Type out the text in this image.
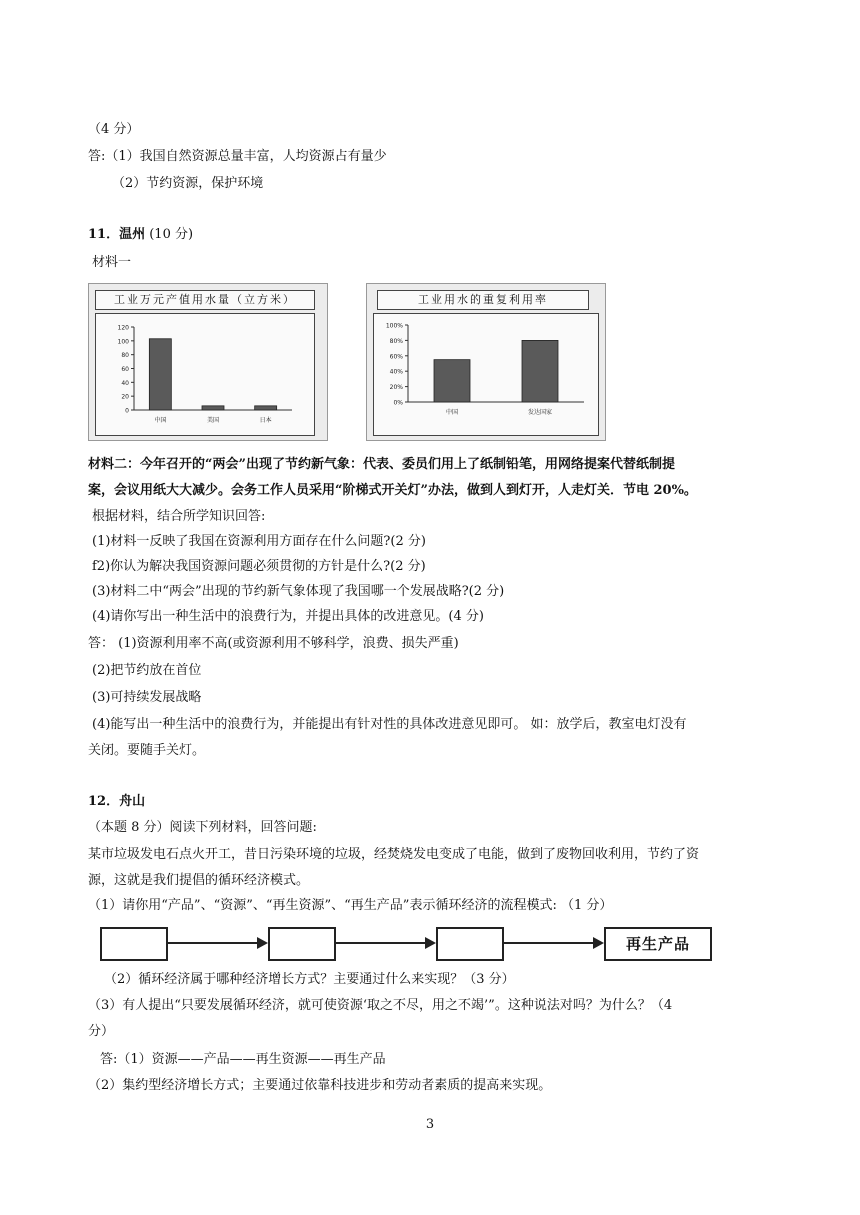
（4 分）
答:（1）我国自然资源总量丰富，人均资源占有量少
（2）节约资源，保护环境
11．温州 (10 分)
材料一
工业万元产值用水量（立方米）
0
20
40
60
80
100
120
中国	美国	日本
工业用水的重复利用率
0%
20%
40%
60%
80%
100%
中国	发达国家
材料二：今年召开的“两会”出现了节约新气象：代表、委员们用上了纸制铅笔，用网络提案代替纸制提
案，会议用纸大大减少。会务工作人员采用“阶梯式开关灯”办法，做到人到灯开，人走灯关．节电 20%。
根据材料，结合所学知识回答:
(1)材料一反映了我国在资源利用方面存在什么问题?(2 分)
f2)你认为解决我国资源问题必须贯彻的方针是什么?(2 分)
(3)材料二中“两会”出现的节约新气象体现了我国哪一个发展战略?(2 分)
(4)请你写出一种生活中的浪费行为，并提出具体的改进意见。(4 分)
答： (1)资源利用率不高(或资源利用不够科学，浪费、损失严重)
(2)把节约放在首位
(3)可持续发展战略
(4)能写出一种生活中的浪费行为，并能提出有针对性的具体改进意见即可。 如：放学后，教室电灯没有
关闭。要随手关灯。
12．舟山
（本题 8 分）阅读下列材料，回答问题:
某市垃圾发电石点火开工，昔日污染环境的垃圾，经焚烧发电变成了电能，做到了废物回收利用，节约了资
源，这就是我们提倡的循环经济模式。
（1）请你用“产品”、“资源”、“再生资源”、“再生产品”表示循环经济的流程模式: （1 分）
再生产品
（2）循环经济属于哪种经济增长方式？主要通过什么来实现？（3 分）
（3）有人提出“只要发展循环经济，就可使资源‘取之不尽，用之不竭’”。这种说法对吗？为什么？（4
分）
答:（1）资源——产品——再生资源——再生产品
（2）集约型经济增长方式；主要通过依靠科技进步和劳动者素质的提高来实现。
3
